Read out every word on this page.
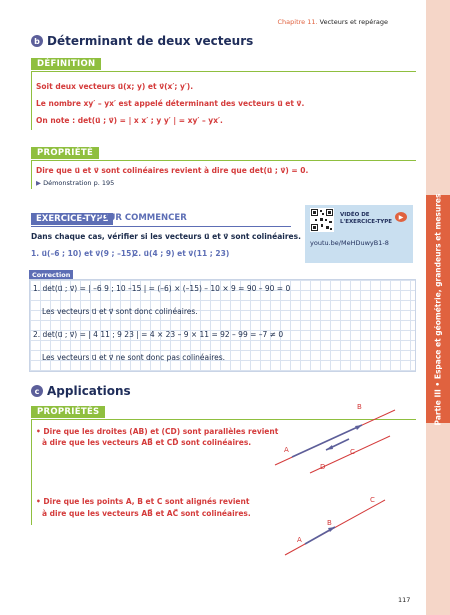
Partie III • Espace et géométrie, grandeurs et mesures
Chapitre 11. Vecteurs et repérage
b Déterminant de deux vecteurs
DÉFINITION
Soit deux vecteurs u⃗(x; y) et v⃗(x′; y′).
Le nombre xy′ – yx′ est appelé déterminant des vecteurs u⃗ et v⃗.
On note : det(u⃗ ; v⃗) = | x x′ ; y y′ | = xy′ – yx′.
PROPRIÉTÉ
Dire que u⃗ et v⃗ sont colinéaires revient à dire que det(u⃗ ; v⃗) = 0.
▶ Démonstration p. 195
EXERCICE-TYPE
POUR COMMENCER
Dans chaque cas, vérifier si les vecteurs u⃗ et v⃗ sont colinéaires.
1. u⃗(–6 ; 10) et v⃗(9 ; –15)
2. u⃗(4 ; 9) et v⃗(11 ; 23)
VIDÉO DE
L'EXERCICE-TYPE
▶
youtu.be/MeHDuwyB1-8
Correction
1. det(u⃗ ; v⃗) = | –6 9 ; 10 –15 | = (–6) × (–15) – 10 × 9 = 90 – 90 = 0
Les vecteurs u⃗ et v⃗ sont donc colinéaires.
2. det(u⃗ ; v⃗) = | 4 11 ; 9 23 | = 4 × 23 – 9 × 11 = 92 – 99 = –7 ≠ 0
Les vecteurs u⃗ et v⃗ ne sont donc pas colinéaires.
c Applications
PROPRIÉTÉS
• Dire que les droites (AB) et (CD) sont parallèles revient
à dire que les vecteurs AB⃗ et CD⃗ sont colinéaires.
• Dire que les points A, B et C sont alignés revient
à dire que les vecteurs AB⃗ et AC⃗ sont colinéaires.
A
B
C
D
A
B
C
117
